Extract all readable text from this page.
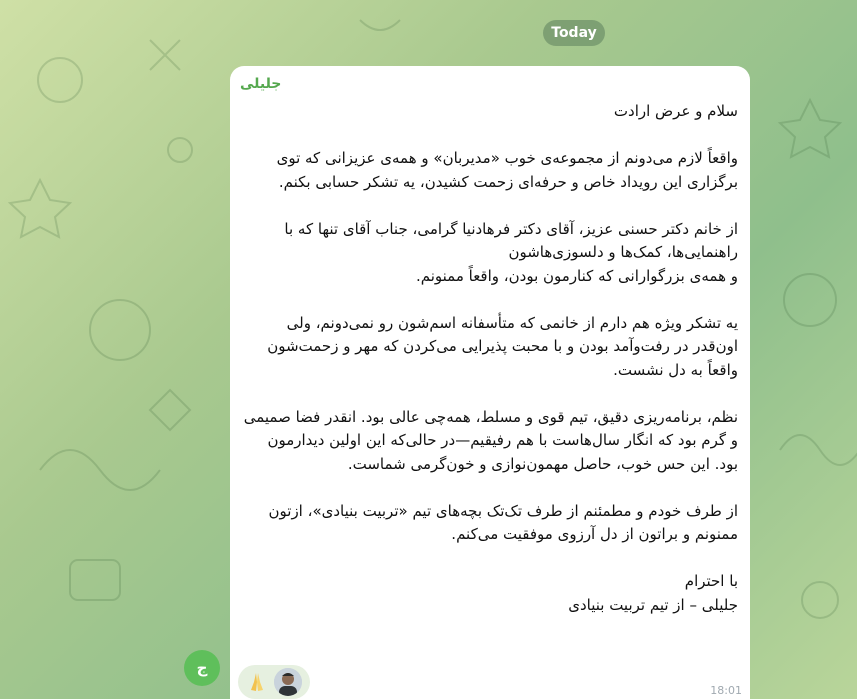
Today
جلیلی
سلام و عرض ارادت
واقعاً لازم می‌دونم از مجموعه‌ی خوب «مدیربان» و همه‌ی عزیزانی که توی برگزاری این رویداد خاص و حرفه‌ای زحمت کشیدن، یه تشکر حسابی بکنم.
از خانم دکتر حسنی عزیز، آقای دکتر فرهادنیا گرامی، جناب آقای تنها که با راهنمایی‌ها، کمک‌ها و دلسوزی‌هاشون
و همه‌ی بزرگوارانی که کنارمون بودن، واقعاً ممنونم.
یه تشکر ویژه هم دارم از خانمی که متأسفانه اسم‌شون رو نمی‌دونم، ولی اون‌قدر در رفت‌وآمد بودن و با محبت پذیرایی می‌کردن که مهر و زحمت‌شون واقعاً به دل نشست.
نظم، برنامه‌ریزی دقیق، تیم قوی و مسلط، همه‌چی عالی بود. انقدر فضا صمیمی و گرم بود که انگار سال‌هاست با هم رفیقیم—در حالی‌که این اولین دیدارمون بود. این حس خوب، حاصل مهمون‌نوازی و خون‌گرمی شماست.
از طرف خودم و مطمئنم از طرف تک‌تک بچه‌های تیم «تربیت بنیادی»، ازتون ممنونم و براتون از دل آرزوی موفقیت می‌کنم.
با احترام
جلیلی – از تیم تربیت بنیادی
18:01
ج
